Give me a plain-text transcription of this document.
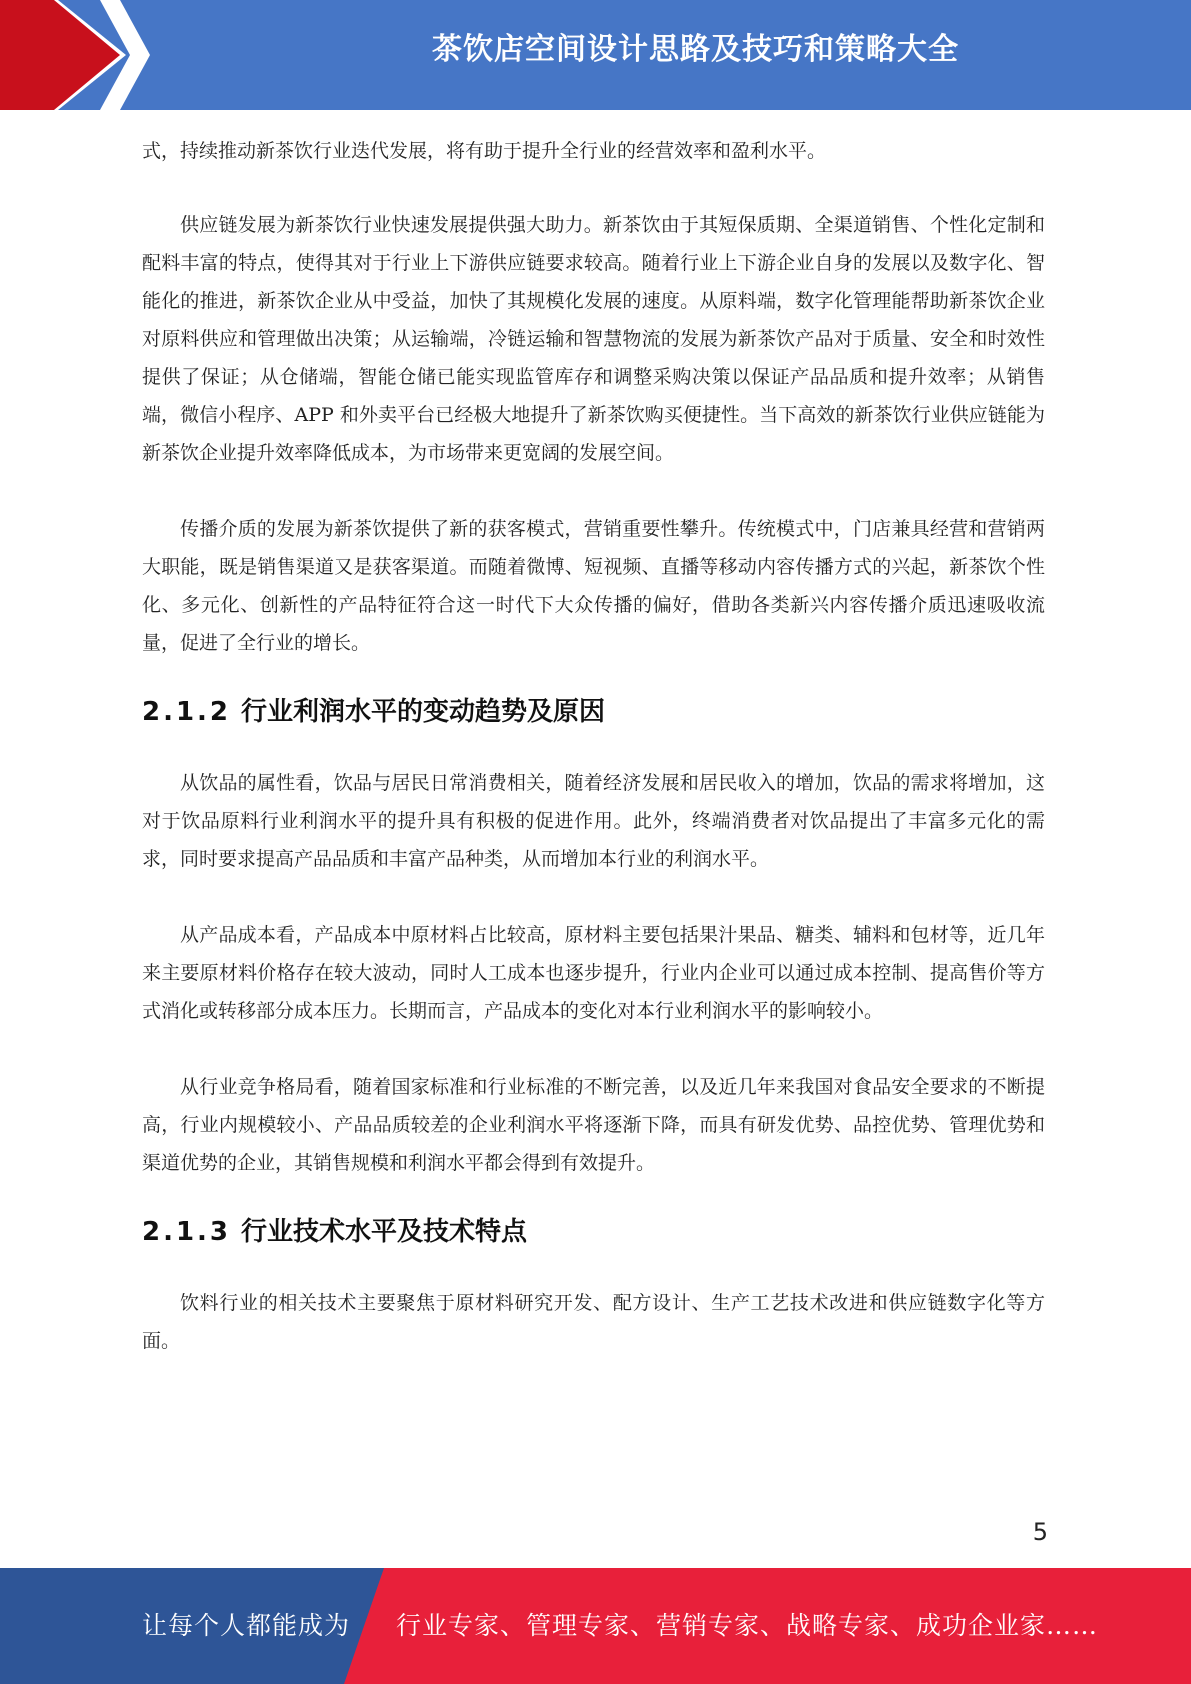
茶饮店空间设计思路及技巧和策略大全

式，持续推动新茶饮行业迭代发展，将有助于提升全行业的经营效率和盈利水平。

供应链发展为新茶饮行业快速发展提供强大助力。新茶饮由于其短保质期、全渠道销售、个性化定制和配料丰富的特点，使得其对于行业上下游供应链要求较高。随着行业上下游企业自身的发展以及数字化、智能化的推进，新茶饮企业从中受益，加快了其规模化发展的速度。从原料端，数字化管理能帮助新茶饮企业对原料供应和管理做出决策；从运输端，冷链运输和智慧物流的发展为新茶饮产品对于质量、安全和时效性提供了保证；从仓储端，智能仓储已能实现监管库存和调整采购决策以保证产品品质和提升效率；从销售端，微信小程序、APP 和外卖平台已经极大地提升了新茶饮购买便捷性。当下高效的新茶饮行业供应链能为新茶饮企业提升效率降低成本，为市场带来更宽阔的发展空间。

传播介质的发展为新茶饮提供了新的获客模式，营销重要性攀升。传统模式中，门店兼具经营和营销两大职能，既是销售渠道又是获客渠道。而随着微博、短视频、直播等移动内容传播方式的兴起，新茶饮个性化、多元化、创新性的产品特征符合这一时代下大众传播的偏好，借助各类新兴内容传播介质迅速吸收流量，促进了全行业的增长。

2.1.2 行业利润水平的变动趋势及原因

从饮品的属性看，饮品与居民日常消费相关，随着经济发展和居民收入的增加，饮品的需求将增加，这对于饮品原料行业利润水平的提升具有积极的促进作用。此外，终端消费者对饮品提出了丰富多元化的需求，同时要求提高产品品质和丰富产品种类，从而增加本行业的利润水平。

从产品成本看，产品成本中原材料占比较高，原材料主要包括果汁果品、糖类、辅料和包材等，近几年来主要原材料价格存在较大波动，同时人工成本也逐步提升，行业内企业可以通过成本控制、提高售价等方式消化或转移部分成本压力。长期而言，产品成本的变化对本行业利润水平的影响较小。

从行业竞争格局看，随着国家标准和行业标准的不断完善，以及近几年来我国对食品安全要求的不断提高，行业内规模较小、产品品质较差的企业利润水平将逐渐下降，而具有研发优势、品控优势、管理优势和渠道优势的企业，其销售规模和利润水平都会得到有效提升。

2.1.3 行业技术水平及技术特点

饮料行业的相关技术主要聚焦于原材料研究开发、配方设计、生产工艺技术改进和供应链数字化等方面。

5
让每个人都能成为 行业专家、管理专家、营销专家、战略专家、成功企业家……
